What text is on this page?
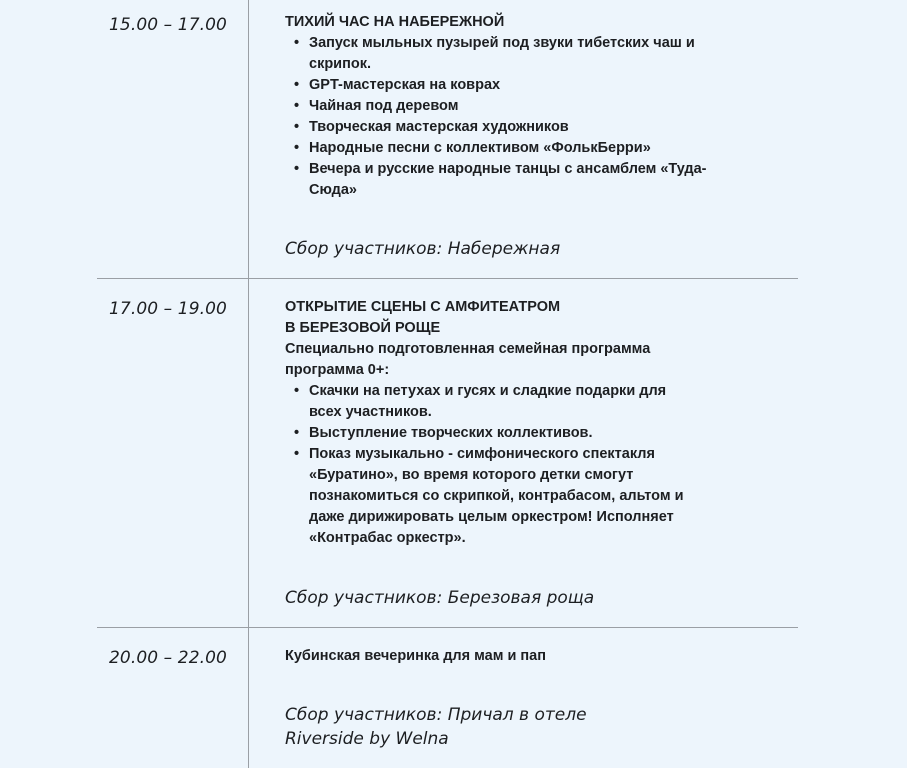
15.00 – 17.00	ТИХИЙ ЧАС НА НАБЕРЕЖНОЙ
• Запуск мыльных пузырей под звуки тибетских чаш и скрипок.
• GPT-мастерская на коврах
• Чайная под деревом
• Творческая мастерская художников
• Народные песни с коллективом «ФолькБерри»
• Вечера и русские народные танцы с ансамблем «Туда-Сюда»
Сбор участников: Набережная
17.00 – 19.00	ОТКРЫТИЕ СЦЕНЫ С АМФИТЕАТРОМ
В БЕРЕЗОВОЙ РОЩЕ
Специально подготовленная семейная программа программа 0+:
• Скачки на петухах и гусях и сладкие подарки для всех участников.
• Выступление творческих коллективов.
• Показ музыкально - симфонического спектакля «Буратино», во время которого детки смогут познакомиться со скрипкой, контрабасом, альтом и даже дирижировать целым оркестром! Исполняет «Контрабас оркестр».
Сбор участников: Березовая роща
20.00 – 22.00	Кубинская вечеринка для мам и пап
Сбор участников: Причал в отеле
Riverside by Welna
